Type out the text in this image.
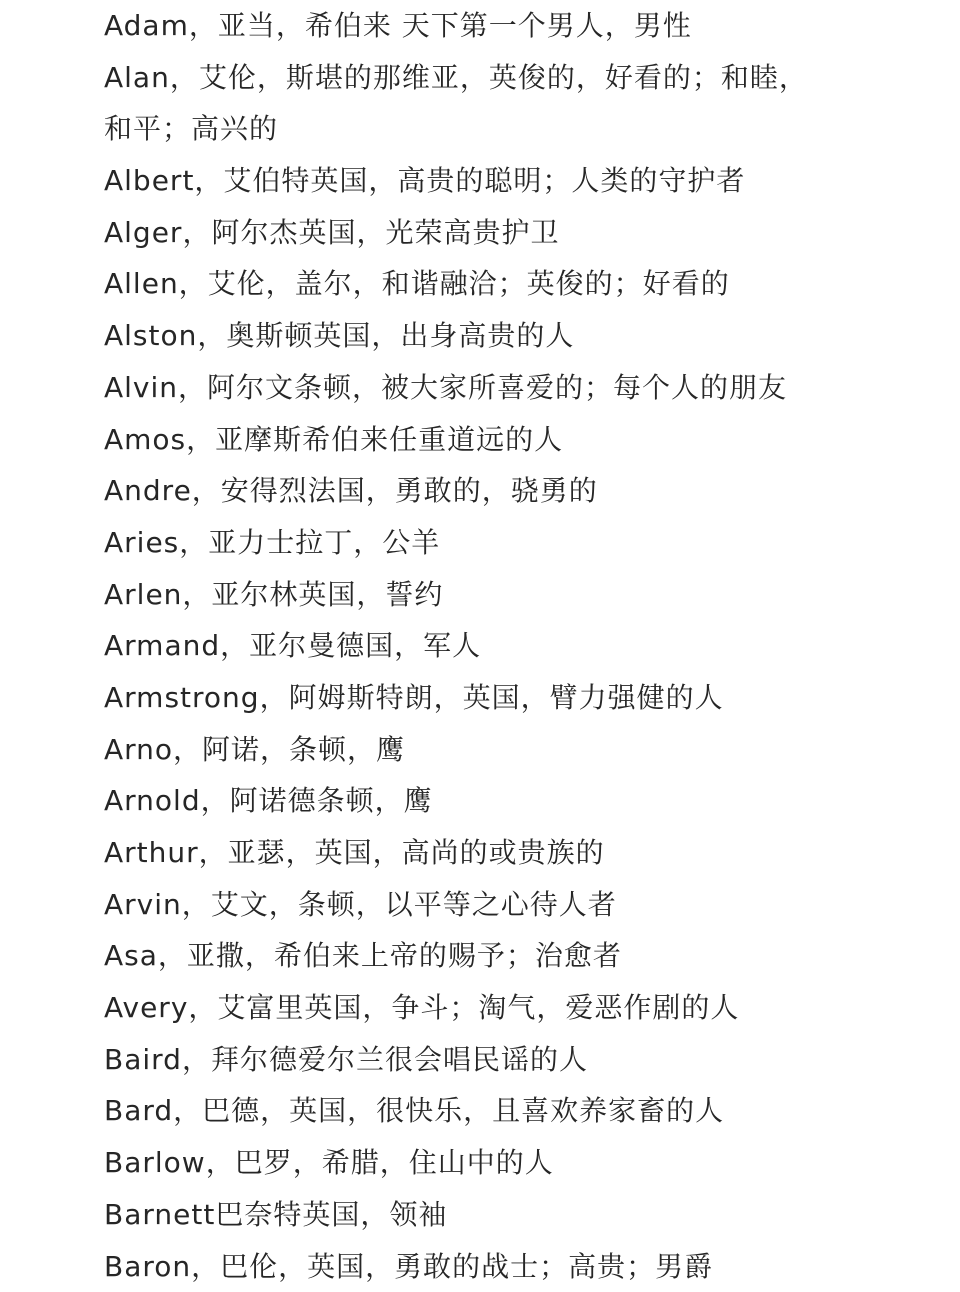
Adam，亚当，希伯来 天下第一个男人，男性
Alan，艾伦，斯堪的那维亚，英俊的，好看的；和睦，
和平；高兴的
Albert，艾伯特英国，高贵的聪明；人类的守护者
Alger，阿尔杰英国，光荣高贵护卫
Allen，艾伦，盖尔，和谐融洽；英俊的；好看的
Alston，奥斯顿英国，出身高贵的人
Alvin，阿尔文条顿，被大家所喜爱的；每个人的朋友
Amos，亚摩斯希伯来任重道远的人
Andre，安得烈法国，勇敢的，骁勇的
Aries，亚力士拉丁，公羊
Arlen，亚尔林英国，誓约
Armand，亚尔曼德国，军人
Armstrong，阿姆斯特朗，英国，臂力强健的人
Arno，阿诺，条顿，鹰
Arnold，阿诺德条顿，鹰
Arthur，亚瑟，英国，高尚的或贵族的
Arvin，艾文，条顿，以平等之心待人者
Asa，亚撒，希伯来上帝的赐予；治愈者
Avery，艾富里英国，争斗；淘气，爱恶作剧的人
Baird，拜尔德爱尔兰很会唱民谣的人
Bard，巴德，英国，很快乐，且喜欢养家畜的人
Barlow，巴罗，希腊，住山中的人
Barnett巴奈特英国，领袖
Baron，巴伦，英国，勇敢的战士；高贵；男爵
